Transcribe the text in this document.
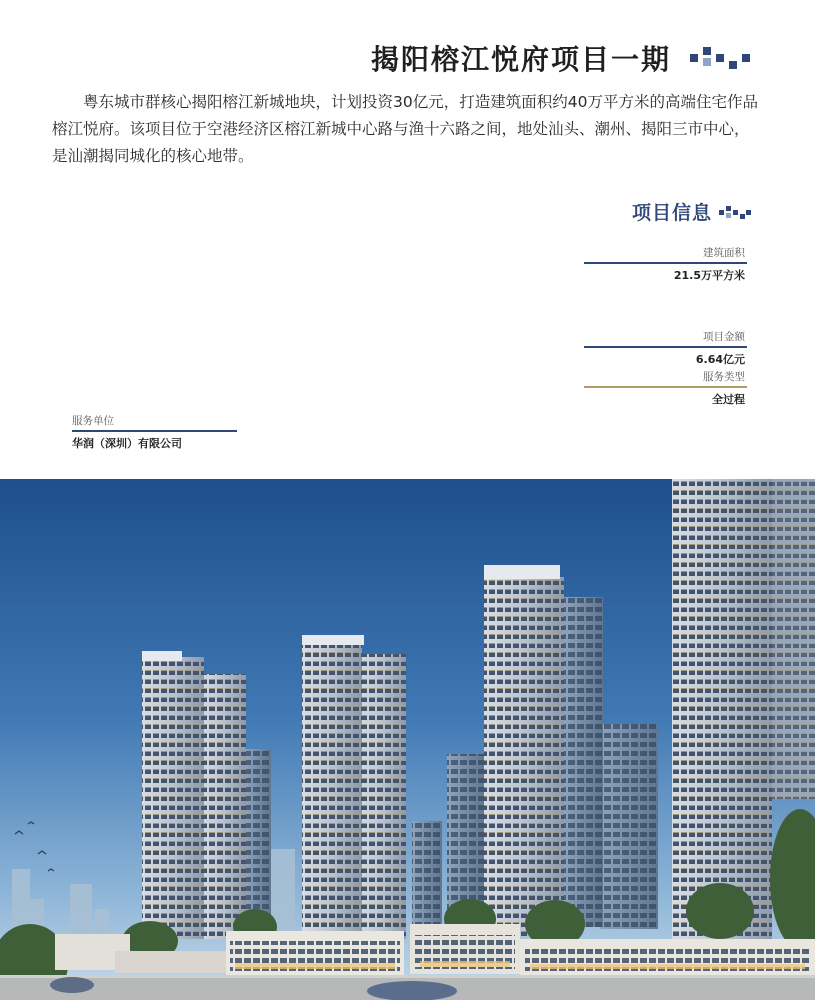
揭阳榕江悦府项目一期

粤东城市群核心揭阳榕江新城地块，计划投资30亿元，打造建筑面积约40万平方米的高端住宅作品榕江悦府。该项目位于空港经济区榕江新城中心路与渔十六路之间，地处汕头、潮州、揭阳三市中心，是汕潮揭同城化的核心地带。

项目信息
建筑面积
21.5万平方米
项目金额
6.64亿元
服务类型
全过程
服务单位
华润（深圳）有限公司
